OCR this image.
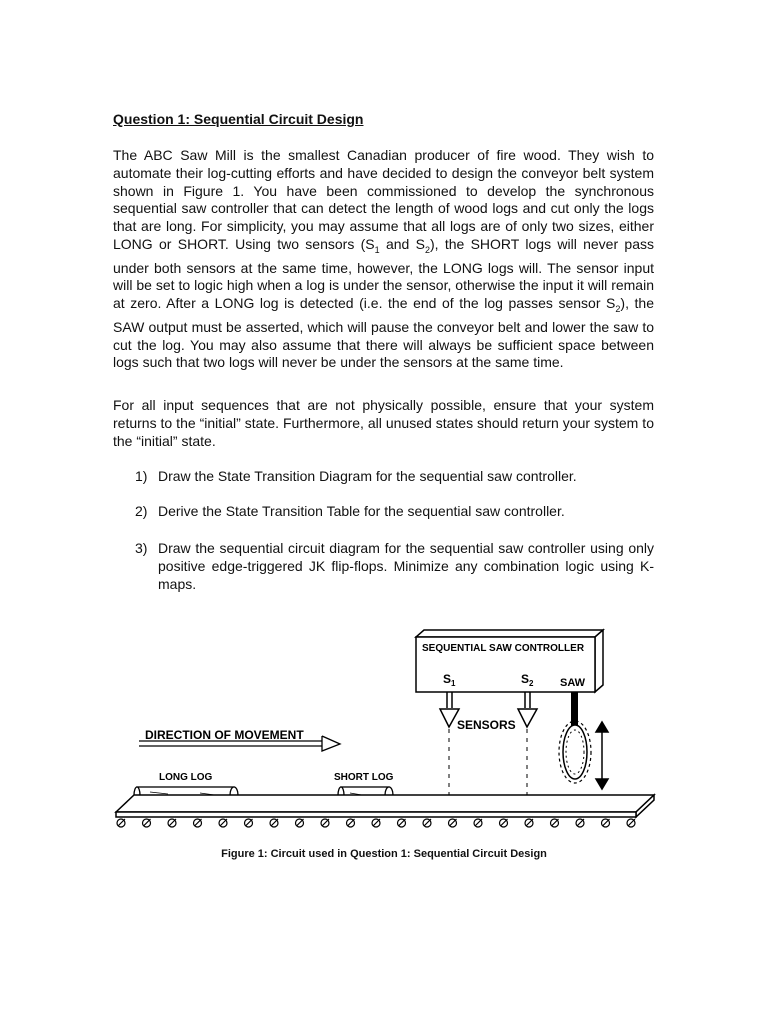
Question 1: Sequential Circuit Design

The ABC Saw Mill is the smallest Canadian producer of fire wood. They wish to automate their log-cutting efforts and have decided to design the conveyor belt system shown in Figure 1. You have been commissioned to develop the synchronous sequential saw controller that can detect the length of wood logs and cut only the logs that are long. For simplicity, you may assume that all logs are of only two sizes, either LONG or SHORT. Using two sensors ($S_1$ and $S_2$), the SHORT logs will never pass under both sensors at the same time, however, the LONG logs will. The sensor input will be set to logic high when a log is under the sensor, otherwise the input it will remain at zero. After a LONG log is detected (i.e. the end of the log passes sensor $S_2$), the SAW output must be asserted, which will pause the conveyor belt and lower the saw to cut the log. You may also assume that there will always be sufficient space between logs such that two logs will never be under the sensors at the same time.

For all input sequences that are not physically possible, ensure that your system returns to the “initial” state. Furthermore, all unused states should return your system to the “initial” state.

1) Draw the State Transition Diagram for the sequential saw controller.
2) Derive the State Transition Table for the sequential saw controller.
3) Draw the sequential circuit diagram for the sequential saw controller using only positive edge-triggered JK flip-flops. Minimize any combination logic using K-maps.
SEQUENTIAL SAW CONTROLLER
$S_1$	$S_2$ SAW
SENSORS
DIRECTION OF MOVEMENT
LONG LOG	SHORT LOG
Figure 1: Circuit used in Question 1: Sequential Circuit Design
